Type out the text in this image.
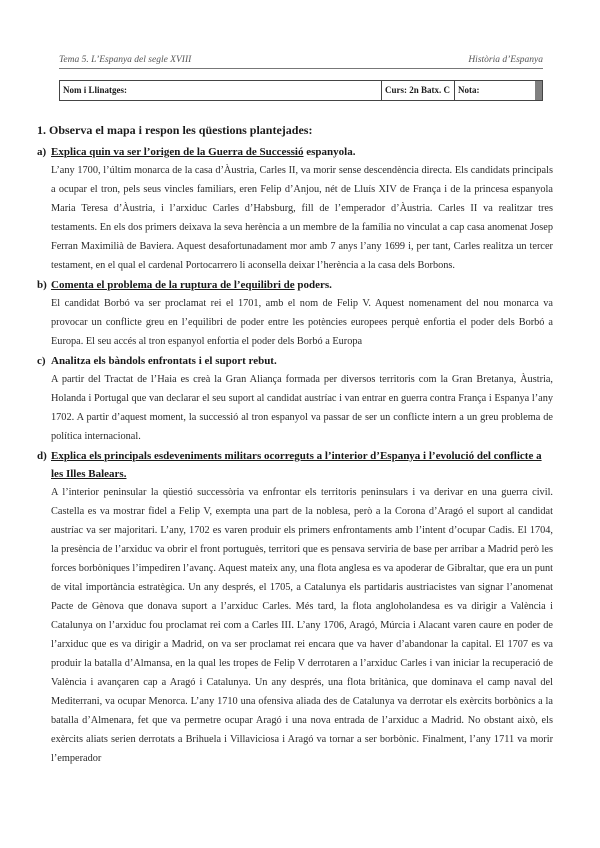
Tema 5. L’Espanya del segle XVIII	Història d’Espanya
Nom i Llinatges:	Curs: 2n Batx. C Nota:
1. Observa el mapa i respon les qüestions plantejades:
a) Explica quin va ser l’origen de la Guerra de Successió espanyola.

L’any 1700, l’últim monarca de la casa d’Àustria, Carles II, va morir sense descendència directa. Els candidats principals a ocupar el tron, pels seus vincles familiars, eren Felip d’Anjou, nét de Lluís XIV de França i de la princesa espanyola Maria Teresa d’Àustria, i l’arxiduc Carles d’Habsburg, fill de l’emperador d’Àustria. Carles II va realitzar tres testaments. En els dos primers deixava la seva herència a un membre de la família no vinculat a cap casa anomenat Josep Ferran Maximilià de Baviera. Aquest desafortunadament mor amb 7 anys l’any 1699 i, per tant, Carles realitza un tercer testament, en el qual el cardenal Portocarrero li aconsella deixar l’herència a la casa dels Borbons.

b) Comenta el problema de la ruptura de l’equilibri de poders.

El candidat Borbó va ser proclamat rei el 1701, amb el nom de Felip V. Aquest nomenament del nou monarca va provocar un conflicte greu en l’equilibri de poder entre les potències europees perquè enfortia el poder dels Borbó a Europa. El seu accés al tron espanyol enfortia el poder dels Borbó a Europa

c) Analitza els bàndols enfrontats i el suport rebut.

A partir del Tractat de l’Haia es creà la Gran Aliança formada per diversos territoris com la Gran Bretanya, Àustria, Holanda i Portugal que van declarar el seu suport al candidat austríac i van entrar en guerra contra França i Espanya l’any 1702. A partir d’aquest moment, la successió al tron espanyol va passar de ser un conflicte intern a un greu problema de política internacional.

d) Explica els principals esdeveniments militars ocorreguts a l’interior d’Espanya i l’evolució del conflicte a les Illes Balears.

A l’interior peninsular la qüestió successòria va enfrontar els territoris peninsulars i va derivar en una guerra civil. Castella es va mostrar fidel a Felip V, exempta una part de la noblesa, però a la Corona d’Aragó el suport al candidat austríac va ser majoritari. L’any, 1702 es varen produir els primers enfrontaments amb l’intent d’ocupar Cadis. El 1704, la presència de l’arxiduc va obrir el front portuguès, territori que es pensava serviria de base per arribar a Madrid però les forces borbòniques l’impediren l’avanç. Aquest mateix any, una flota anglesa es va apoderar de Gibraltar, que era un punt de vital importància estratègica. Un any després, el 1705, a Catalunya els partidaris austriacistes van signar l’anomenat Pacte de Gènova que donava suport a l’arxiduc Carles. Més tard, la flota angloholandesa es va dirigir a València i Catalunya on l’arxiduc fou proclamat rei com a Carles III. L’any 1706, Aragó, Múrcia i Alacant varen caure en poder de l’arxiduc que es va dirigir a Madrid, on va ser proclamat rei encara que va haver d’abandonar la capital. El 1707 es va produir la batalla d’Almansa, en la qual les tropes de Felip V derrotaren a l’arxiduc Carles i van iniciar la recuperació de València i avançaren cap a Aragó i Catalunya. Un any després, una flota britànica, que dominava el camp naval del Mediterrani, va ocupar Menorca. L’any 1710 una ofensiva aliada des de Catalunya va derrotar els exèrcits borbònics a la batalla d’Almenara, fet que va permetre ocupar Aragó i una nova entrada de l’arxiduc a Madrid. No obstant això, els exèrcits aliats serien derrotats a Brihuela i Villaviciosa i Aragó va tornar a ser borbònic. Finalment, l’any 1711 va morir l’emperador
